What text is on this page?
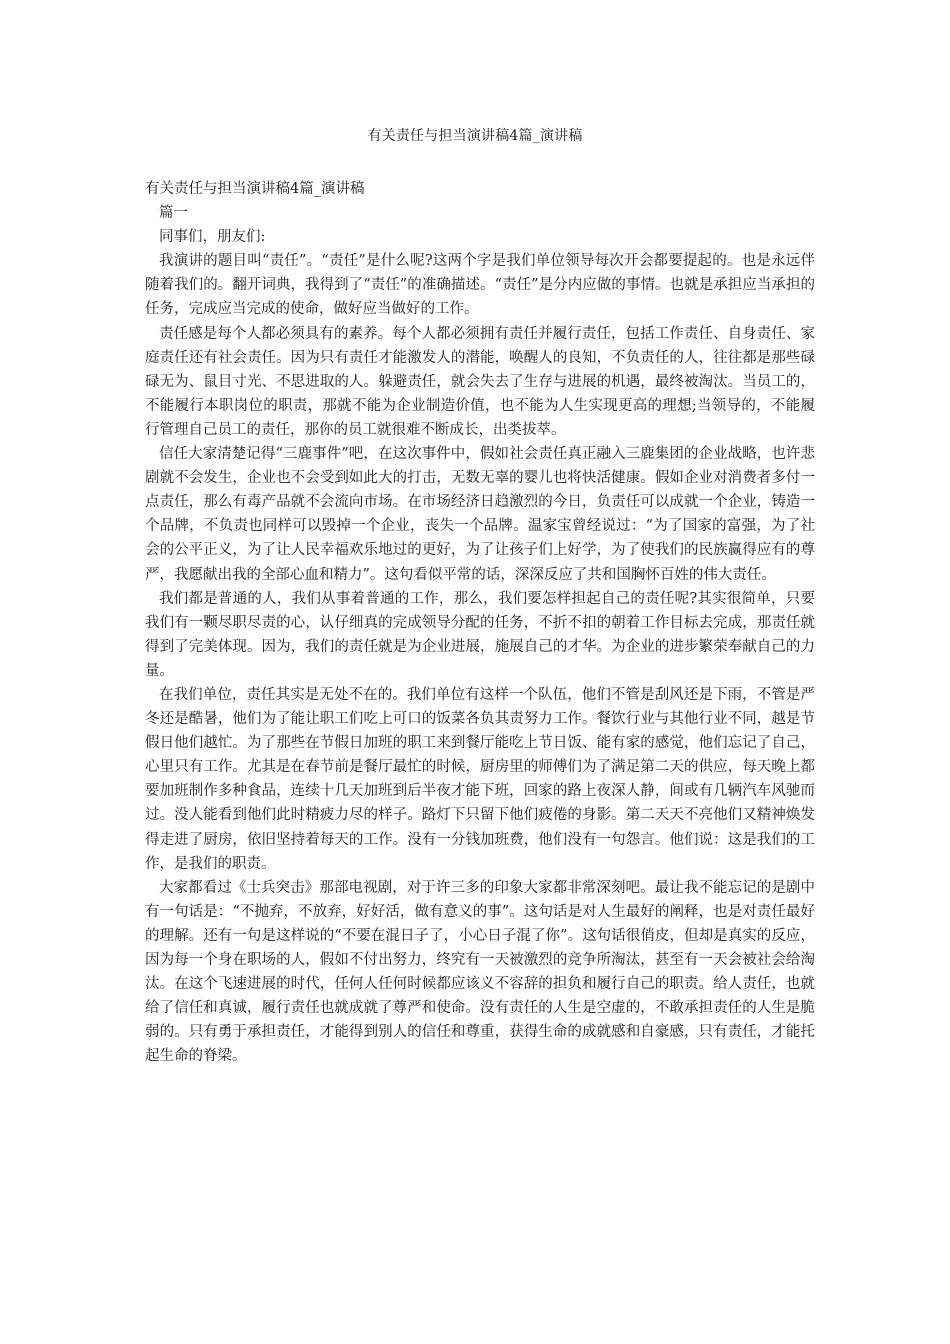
有关责任与担当演讲稿4篇_演讲稿

有关责任与担当演讲稿4篇_演讲稿

篇一

同事们，朋友们:

我演讲的题目叫“责任”。“责任”是什么呢?这两个字是我们单位领导每次开会都要提起的。也是永远伴随着我们的。翻开词典，我得到了“责任”的准确描述。“责任”是分内应做的事情。也就是承担应当承担的任务，完成应当完成的使命，做好应当做好的工作。

责任感是每个人都必须具有的素养。每个人都必须拥有责任并履行责任，包括工作责任、自身责任、家庭责任还有社会责任。因为只有责任才能激发人的潜能，唤醒人的良知，不负责任的人，往往都是那些碌碌无为、鼠目寸光、不思进取的人。躲避责任，就会失去了生存与进展的机遇，最终被淘汰。当员工的，不能履行本职岗位的职责，那就不能为企业制造价值，也不能为人生实现更高的理想;当领导的，不能履行管理自己员工的责任，那你的员工就很难不断成长，出类拔萃。

信任大家清楚记得“三鹿事件”吧，在这次事件中，假如社会责任真正融入三鹿集团的企业战略，也许悲剧就不会发生，企业也不会受到如此大的打击，无数无辜的婴儿也将快活健康。假如企业对消费者多付一点责任，那么有毒产品就不会流向市场。在市场经济日趋激烈的今日，负责任可以成就一个企业，铸造一个品牌，不负责也同样可以毁掉一个企业，丧失一个品牌。温家宝曾经说过：“为了国家的富强，为了社会的公平正义，为了让人民幸福欢乐地过的更好，为了让孩子们上好学，为了使我们的民族赢得应有的尊严，我愿献出我的全部心血和精力”。这句看似平常的话，深深反应了共和国胸怀百姓的伟大责任。

我们都是普通的人，我们从事着普通的工作，那么，我们要怎样担起自己的责任呢?其实很简单，只要我们有一颗尽职尽责的心，认仔细真的完成领导分配的任务，不折不扣的朝着工作目标去完成，那责任就得到了完美体现。因为，我们的责任就是为企业进展，施展自己的才华。为企业的进步繁荣奉献自己的力量。

在我们单位，责任其实是无处不在的。我们单位有这样一个队伍，他们不管是刮风还是下雨，不管是严冬还是酷暑，他们为了能让职工们吃上可口的饭菜各负其责努力工作。餐饮行业与其他行业不同，越是节假日他们越忙。为了那些在节假日加班的职工来到餐厅能吃上节日饭、能有家的感觉，他们忘记了自己，心里只有工作。尤其是在春节前是餐厅最忙的时候，厨房里的师傅们为了满足第二天的供应，每天晚上都要加班制作多种食品，连续十几天加班到后半夜才能下班，回家的路上夜深人静，间或有几辆汽车风驰而过。没人能看到他们此时精疲力尽的样子。路灯下只留下他们疲倦的身影。第二天天不亮他们又精神焕发得走进了厨房，依旧坚持着每天的工作。没有一分钱加班费，他们没有一句怨言。他们说：这是我们的工作，是我们的职责。

大家都看过《士兵突击》那部电视剧，对于许三多的印象大家都非常深刻吧。最让我不能忘记的是剧中有一句话是：“不抛弃，不放弃，好好活，做有意义的事”。这句话是对人生最好的阐释，也是对责任最好的理解。还有一句是这样说的“不要在混日子了，小心日子混了你”。这句话很俏皮，但却是真实的反应，因为每一个身在职场的人，假如不付出努力，终究有一天被激烈的竞争所淘汰，甚至有一天会被社会给淘汰。在这个飞速进展的时代，任何人任何时候都应该义不容辞的担负和履行自己的职责。给人责任，也就给了信任和真诚，履行责任也就成就了尊严和使命。没有责任的人生是空虚的，不敢承担责任的人生是脆弱的。只有勇于承担责任，才能得到别人的信任和尊重，获得生命的成就感和自豪感，只有责任，才能托起生命的脊梁。
